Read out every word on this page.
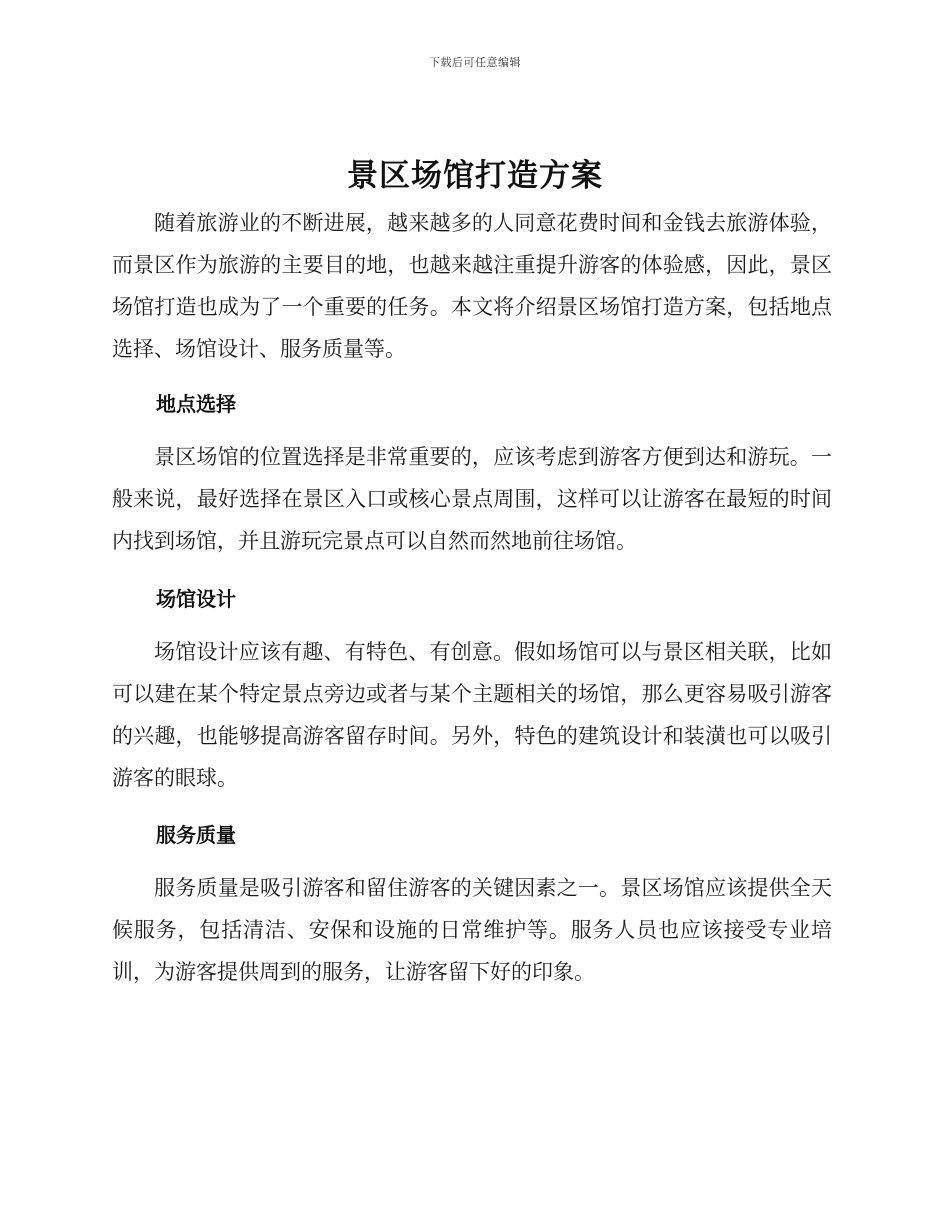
下载后可任意编辑
景区场馆打造方案

随着旅游业的不断进展，越来越多的人同意花费时间和金钱去旅游体验，而景区作为旅游的主要目的地，也越来越注重提升游客的体验感，因此，景区场馆打造也成为了一个重要的任务。本文将介绍景区场馆打造方案，包括地点选择、场馆设计、服务质量等。

地点选择

景区场馆的位置选择是非常重要的，应该考虑到游客方便到达和游玩。一般来说，最好选择在景区入口或核心景点周围，这样可以让游客在最短的时间内找到场馆，并且游玩完景点可以自然而然地前往场馆。

场馆设计

场馆设计应该有趣、有特色、有创意。假如场馆可以与景区相关联，比如可以建在某个特定景点旁边或者与某个主题相关的场馆，那么更容易吸引游客的兴趣，也能够提高游客留存时间。另外，特色的建筑设计和装潢也可以吸引游客的眼球。

服务质量

服务质量是吸引游客和留住游客的关键因素之一。景区场馆应该提供全天候服务，包括清洁、安保和设施的日常维护等。服务人员也应该接受专业培训，为游客提供周到的服务，让游客留下好的印象。
